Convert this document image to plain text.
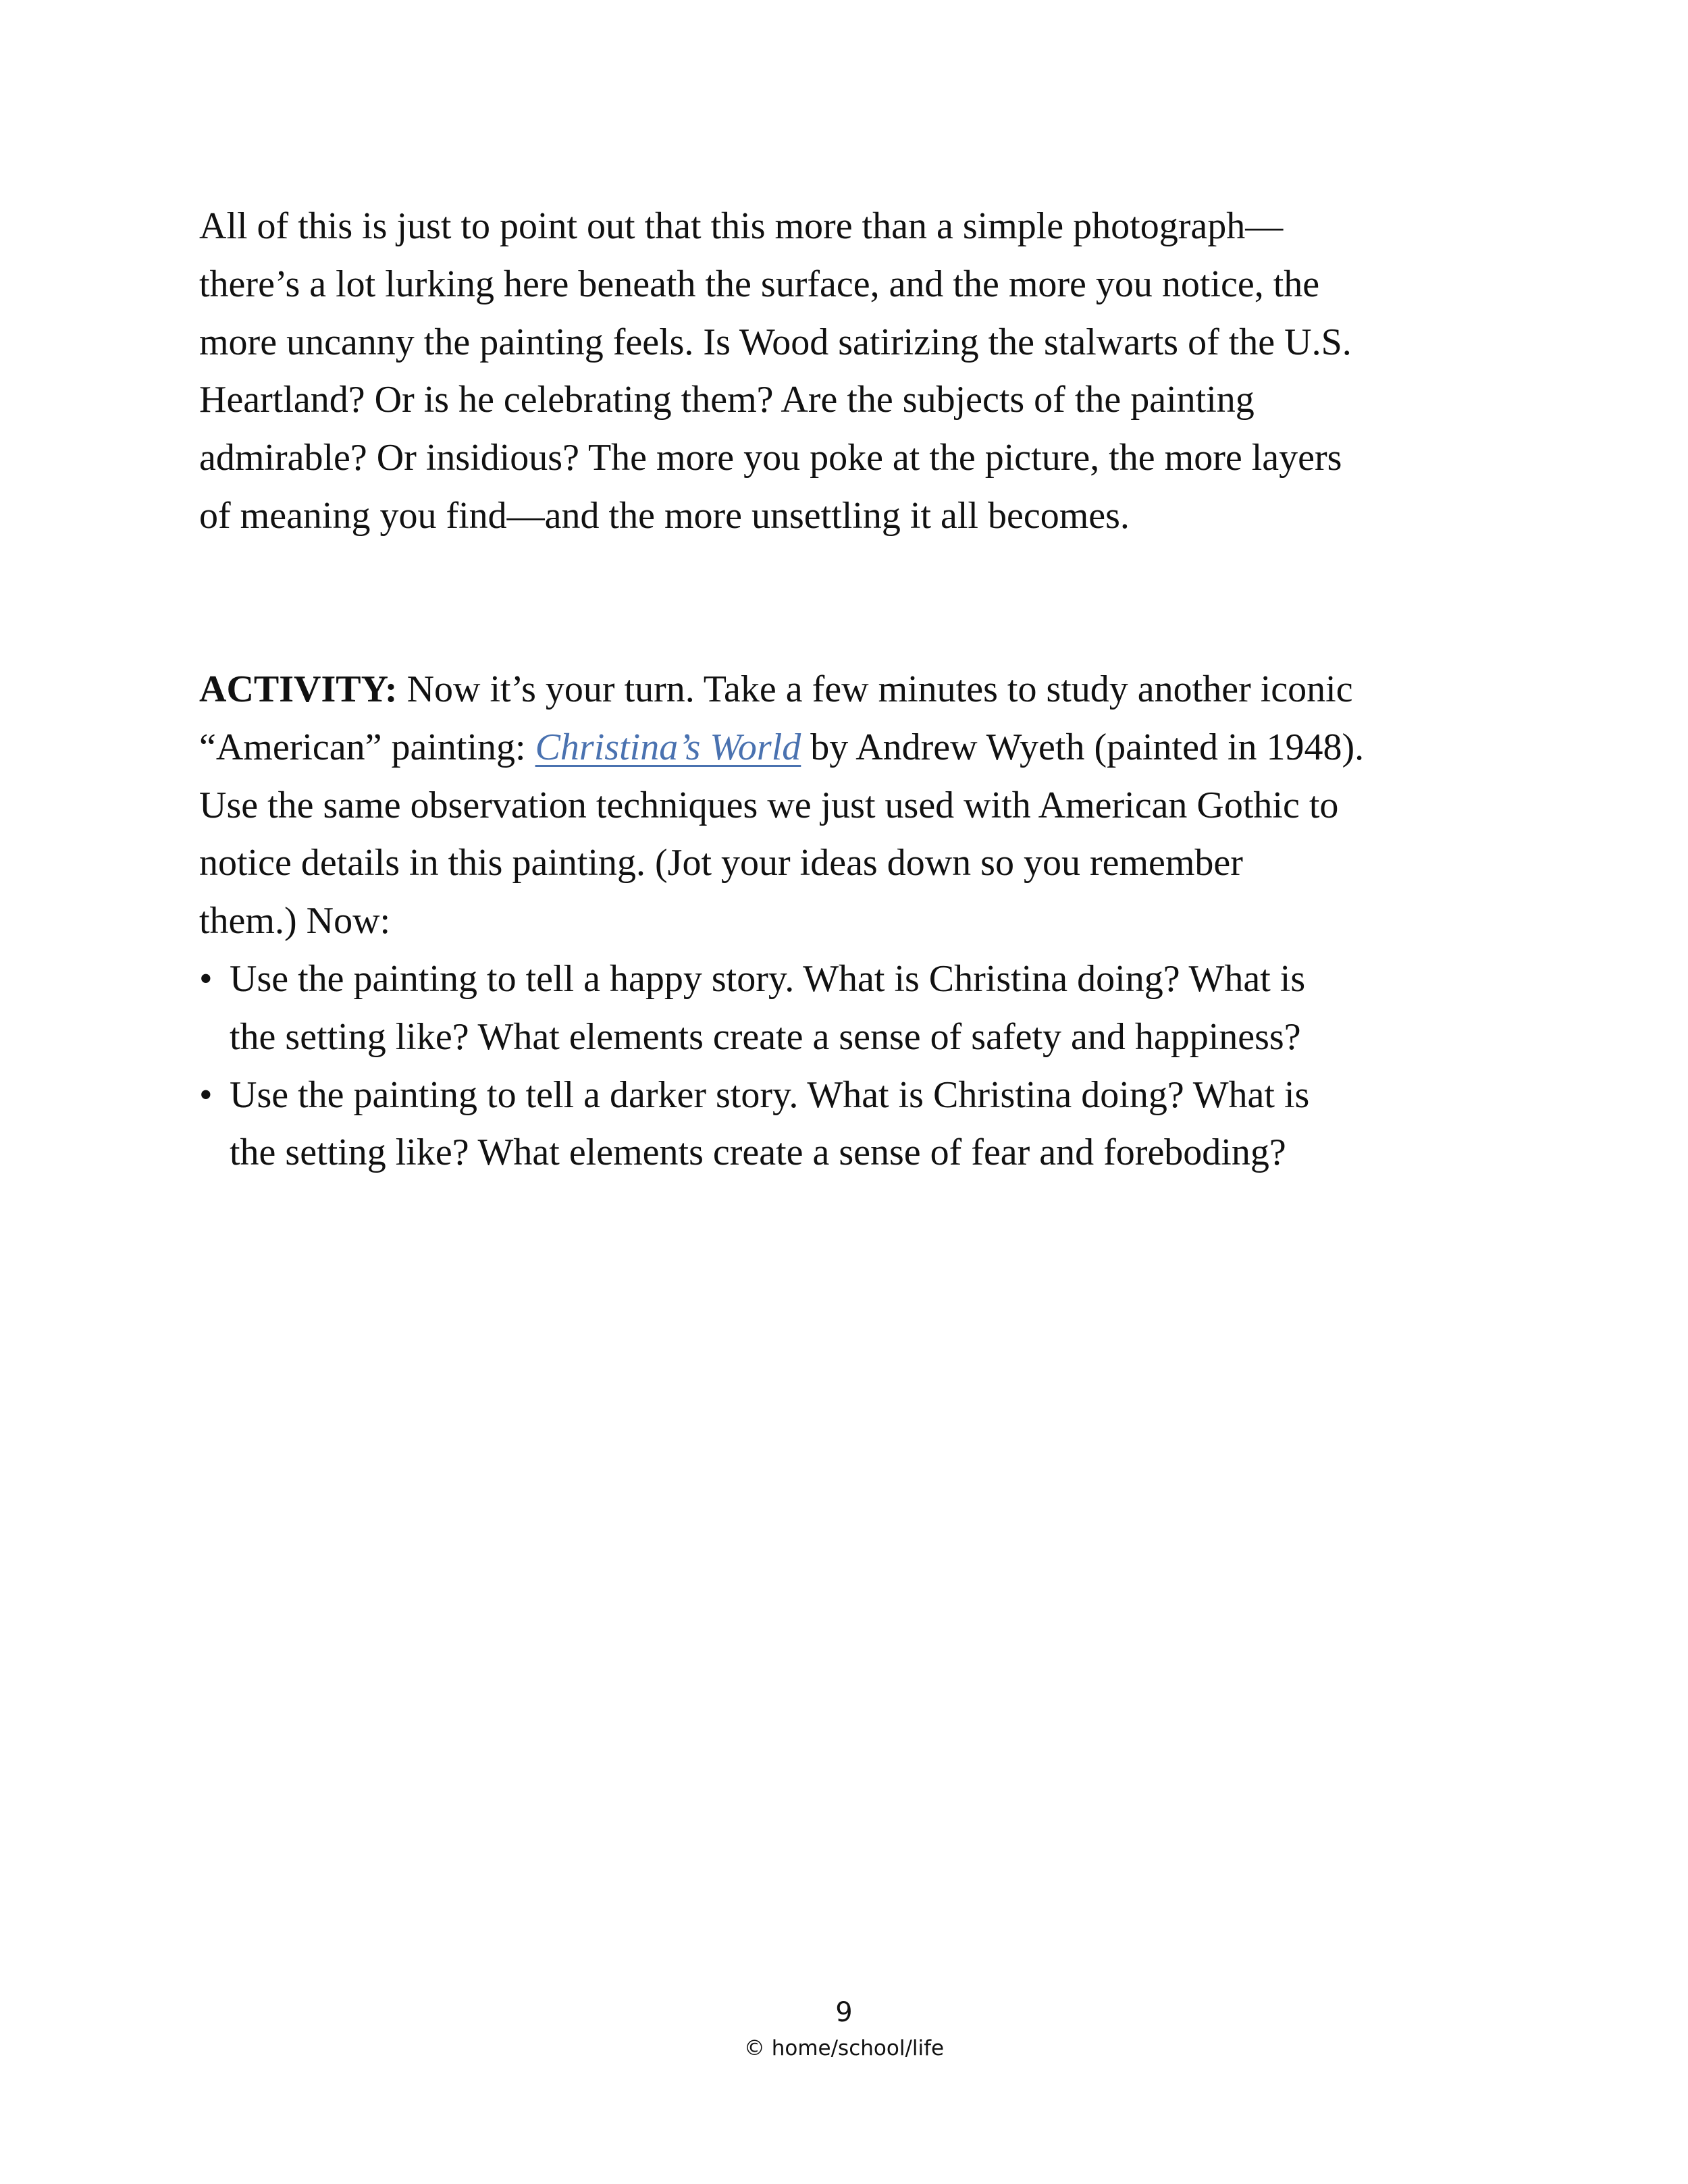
All of this is just to point out that this more than a simple photograph—
there’s a lot lurking here beneath the surface, and the more you notice, the
more uncanny the painting feels. Is Wood satirizing the stalwarts of the U.S.
Heartland? Or is he celebrating them? Are the subjects of the painting
admirable? Or insidious? The more you poke at the picture, the more layers
of meaning you find—and the more unsettling it all becomes.
ACTIVITY: Now it’s your turn. Take a few minutes to study another iconic
“American” painting: Christina’s World by Andrew Wyeth (painted in 1948).
Use the same observation techniques we just used with American Gothic to
notice details in this painting. (Jot your ideas down so you remember
them.) Now:
• Use the painting to tell a happy story. What is Christina doing? What is
the setting like? What elements create a sense of safety and happiness?
• Use the painting to tell a darker story. What is Christina doing? What is
the setting like? What elements create a sense of fear and foreboding?
9
© home/school/life
